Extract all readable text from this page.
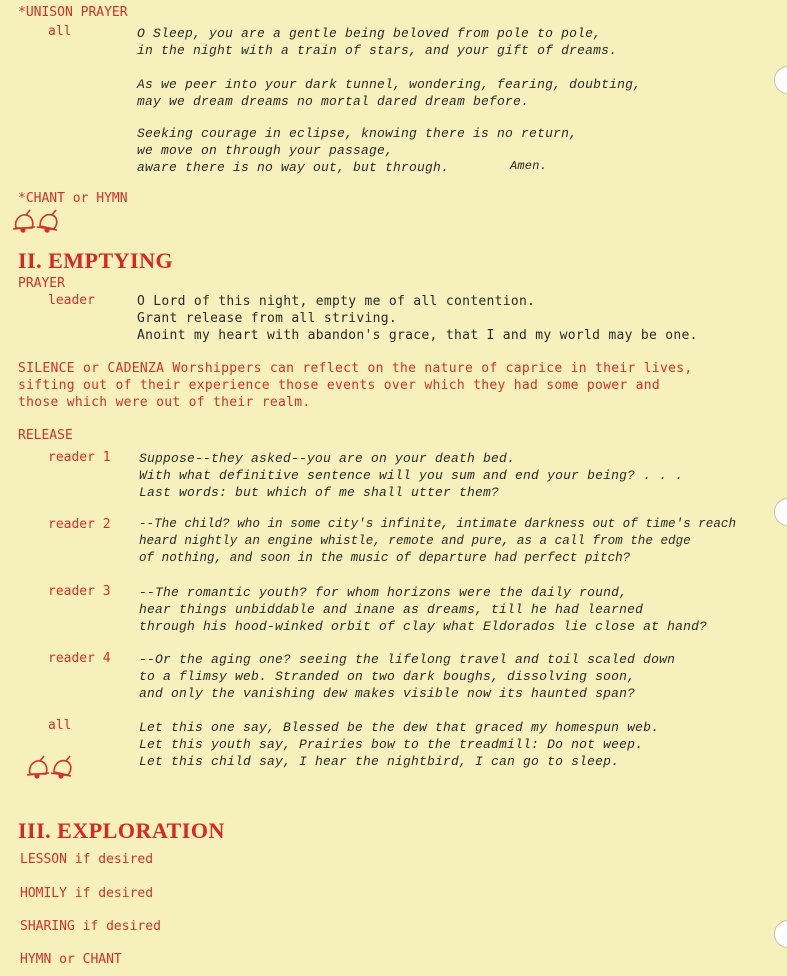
*UNISON PRAYER
all	O Sleep, you are a gentle being beloved from pole to pole,
in the night with a train of stars, and your gift of dreams.
As we peer into your dark tunnel, wondering, fearing, doubting,
may we dream dreams no mortal dared dream before.
Seeking courage in eclipse, knowing there is no return,
we move on through your passage,
aware there is no way out, but through.	Amen.
*CHANT or HYMN
II. EMPTYING
PRAYER
leader	O Lord of this night, empty me of all contention.
Grant release from all striving.
Anoint my heart with abandon's grace, that I and my world may be one.
SILENCE or CADENZA Worshippers can reflect on the nature of caprice in their lives,
sifting out of their experience those events over which they had some power and
those which were out of their realm.
RELEASE
reader 1 Suppose--they asked--you are on your death bed.
With what definitive sentence will you sum and end your being? . . .
Last words: but which of me shall utter them?
reader 2 --The child? who in some city's infinite, intimate darkness out of time's reach
heard nightly an engine whistle, remote and pure, as a call from the edge
of nothing, and soon in the music of departure had perfect pitch?
reader 3 --The romantic youth? for whom horizons were the daily round,
hear things unbiddable and inane as dreams, till he had learned
through his hood-winked orbit of clay what Eldorados lie close at hand?
reader 4 --Or the aging one? seeing the lifelong travel and toil scaled down
to a flimsy web. Stranded on two dark boughs, dissolving soon,
and only the vanishing dew makes visible now its haunted span?
all	Let this one say, Blessed be the dew that graced my homespun web.
Let this youth say, Prairies bow to the treadmill: Do not weep.
Let this child say, I hear the nightbird, I can go to sleep.
III. EXPLORATION
LESSON if desired
HOMILY if desired
SHARING if desired
HYMN or CHANT
